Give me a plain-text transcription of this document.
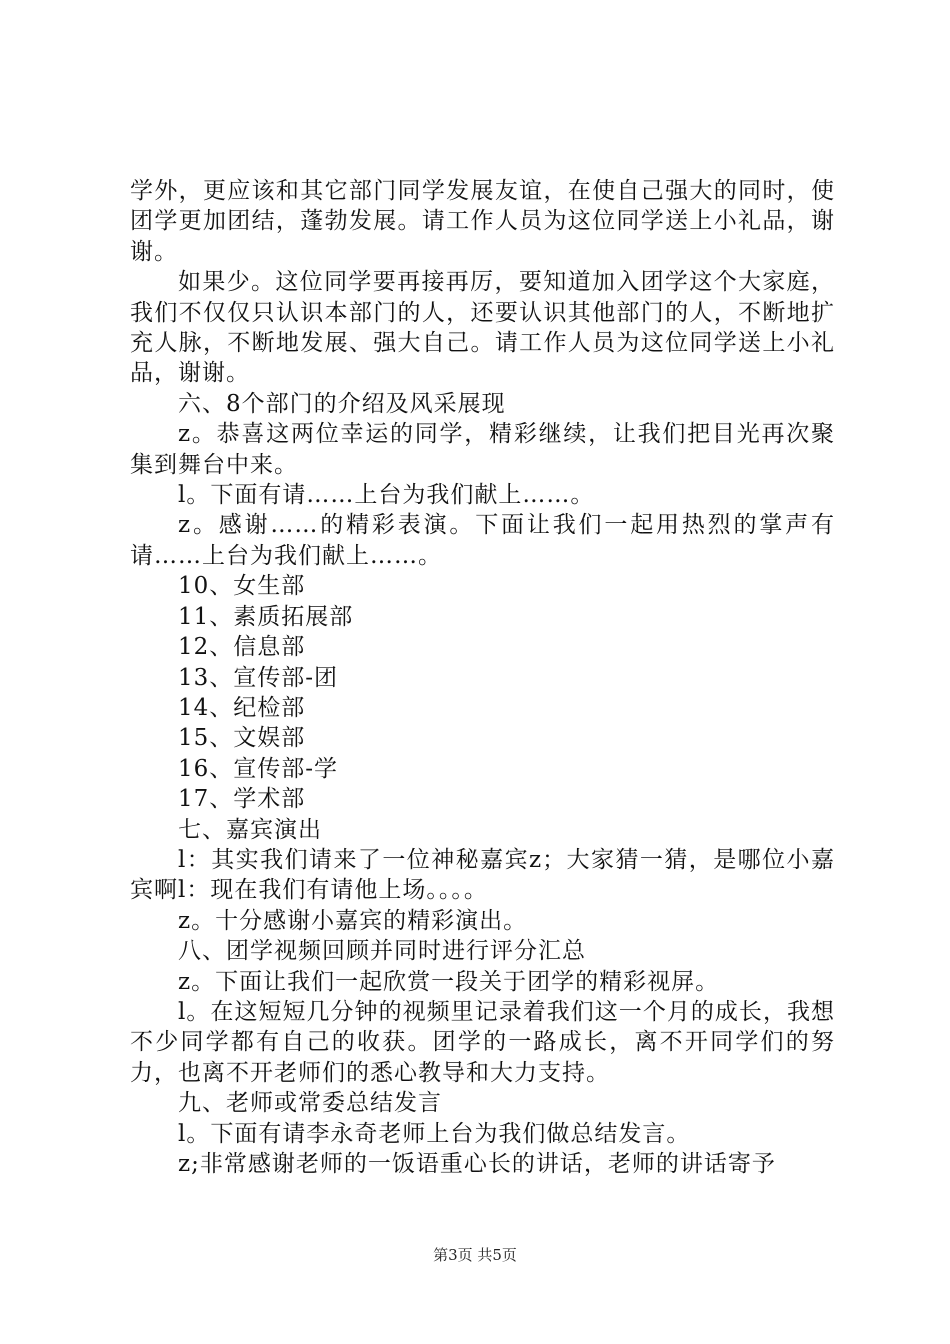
学外，更应该和其它部门同学发展友谊，在使自己强大的同时，使团学更加团结，蓬勃发展。请工作人员为这位同学送上小礼品，谢谢。

如果少。这位同学要再接再厉，要知道加入团学这个大家庭，我们不仅仅只认识本部门的人，还要认识其他部门的人，不断地扩充人脉，不断地发展、强大自己。请工作人员为这位同学送上小礼品，谢谢。

六、8个部门的介绍及风采展现

z。恭喜这两位幸运的同学，精彩继续，让我们把目光再次聚集到舞台中来。

l。下面有请……上台为我们献上……。

z。感谢……的精彩表演。下面让我们一起用热烈的掌声有请……上台为我们献上……。

10、女生部

11、素质拓展部

12、信息部

13、宣传部-团

14、纪检部

15、文娱部

16、宣传部-学

17、学术部

七、嘉宾演出

l：其实我们请来了一位神秘嘉宾z；大家猜一猜，是哪位小嘉宾啊l：现在我们有请他上场。。。。

z。十分感谢小嘉宾的精彩演出。

八、团学视频回顾并同时进行评分汇总

z。下面让我们一起欣赏一段关于团学的精彩视屏。

l。在这短短几分钟的视频里记录着我们这一个月的成长，我想不少同学都有自己的收获。团学的一路成长，离不开同学们的努力，也离不开老师们的悉心教导和大力支持。

九、老师或常委总结发言

l。下面有请李永奇老师上台为我们做总结发言。

z;非常感谢老师的一饭语重心长的讲话，老师的讲话寄予

第3页 共5页
